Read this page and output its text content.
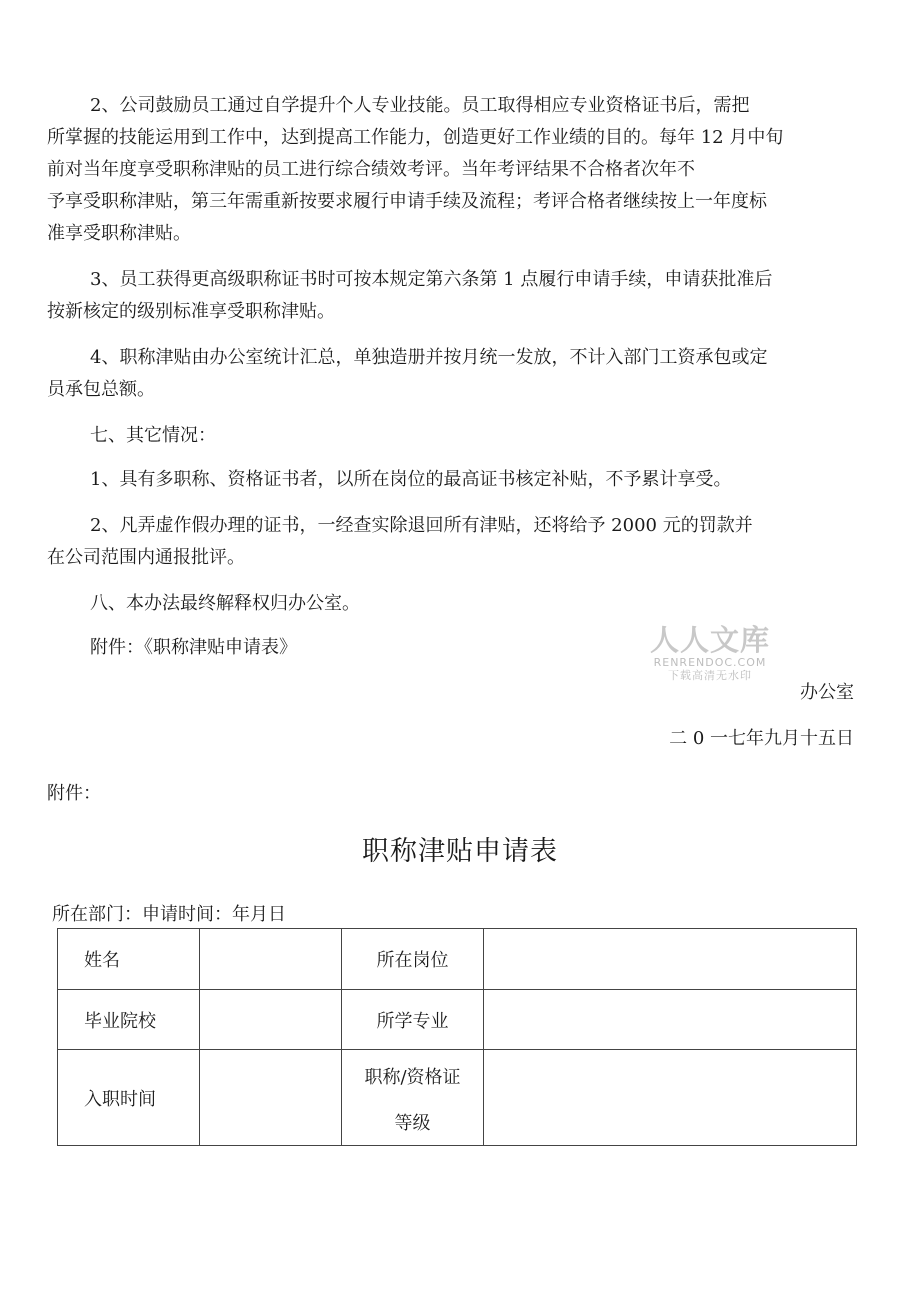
2、公司鼓励员工通过自学提升个人专业技能。员工取得相应专业资格证书后，需把
所掌握的技能运用到工作中，达到提高工作能力，创造更好工作业绩的目的。每年 12 月中旬
前对当年度享受职称津贴的员工进行综合绩效考评。当年考评结果不合格者次年不
予享受职称津贴，第三年需重新按要求履行申请手续及流程；考评合格者继续按上一年度标
准享受职称津贴。
3、员工获得更高级职称证书时可按本规定第六条第 1 点履行申请手续，申请获批准后
按新核定的级别标准享受职称津贴。
4、职称津贴由办公室统计汇总，单独造册并按月统一发放，不计入部门工资承包或定
员承包总额。
七、其它情况：
1、具有多职称、资格证书者，以所在岗位的最高证书核定补贴，不予累计享受。
2、凡弄虚作假办理的证书，一经查实除退回所有津贴，还将给予 2000 元的罚款并
在公司范围内通报批评。
八、本办法最终解释权归办公室。
附件：《职称津贴申请表》	人人文库
RENRENDOC.COM
下载高清无水印
办公室
二 0 一七年九月十五日
附件：
职称津贴申请表
所在部门：申请时间：年月日
姓名		所在岗位	
毕业院校		所学专业	
入职时间		职称/资格证
等级	
